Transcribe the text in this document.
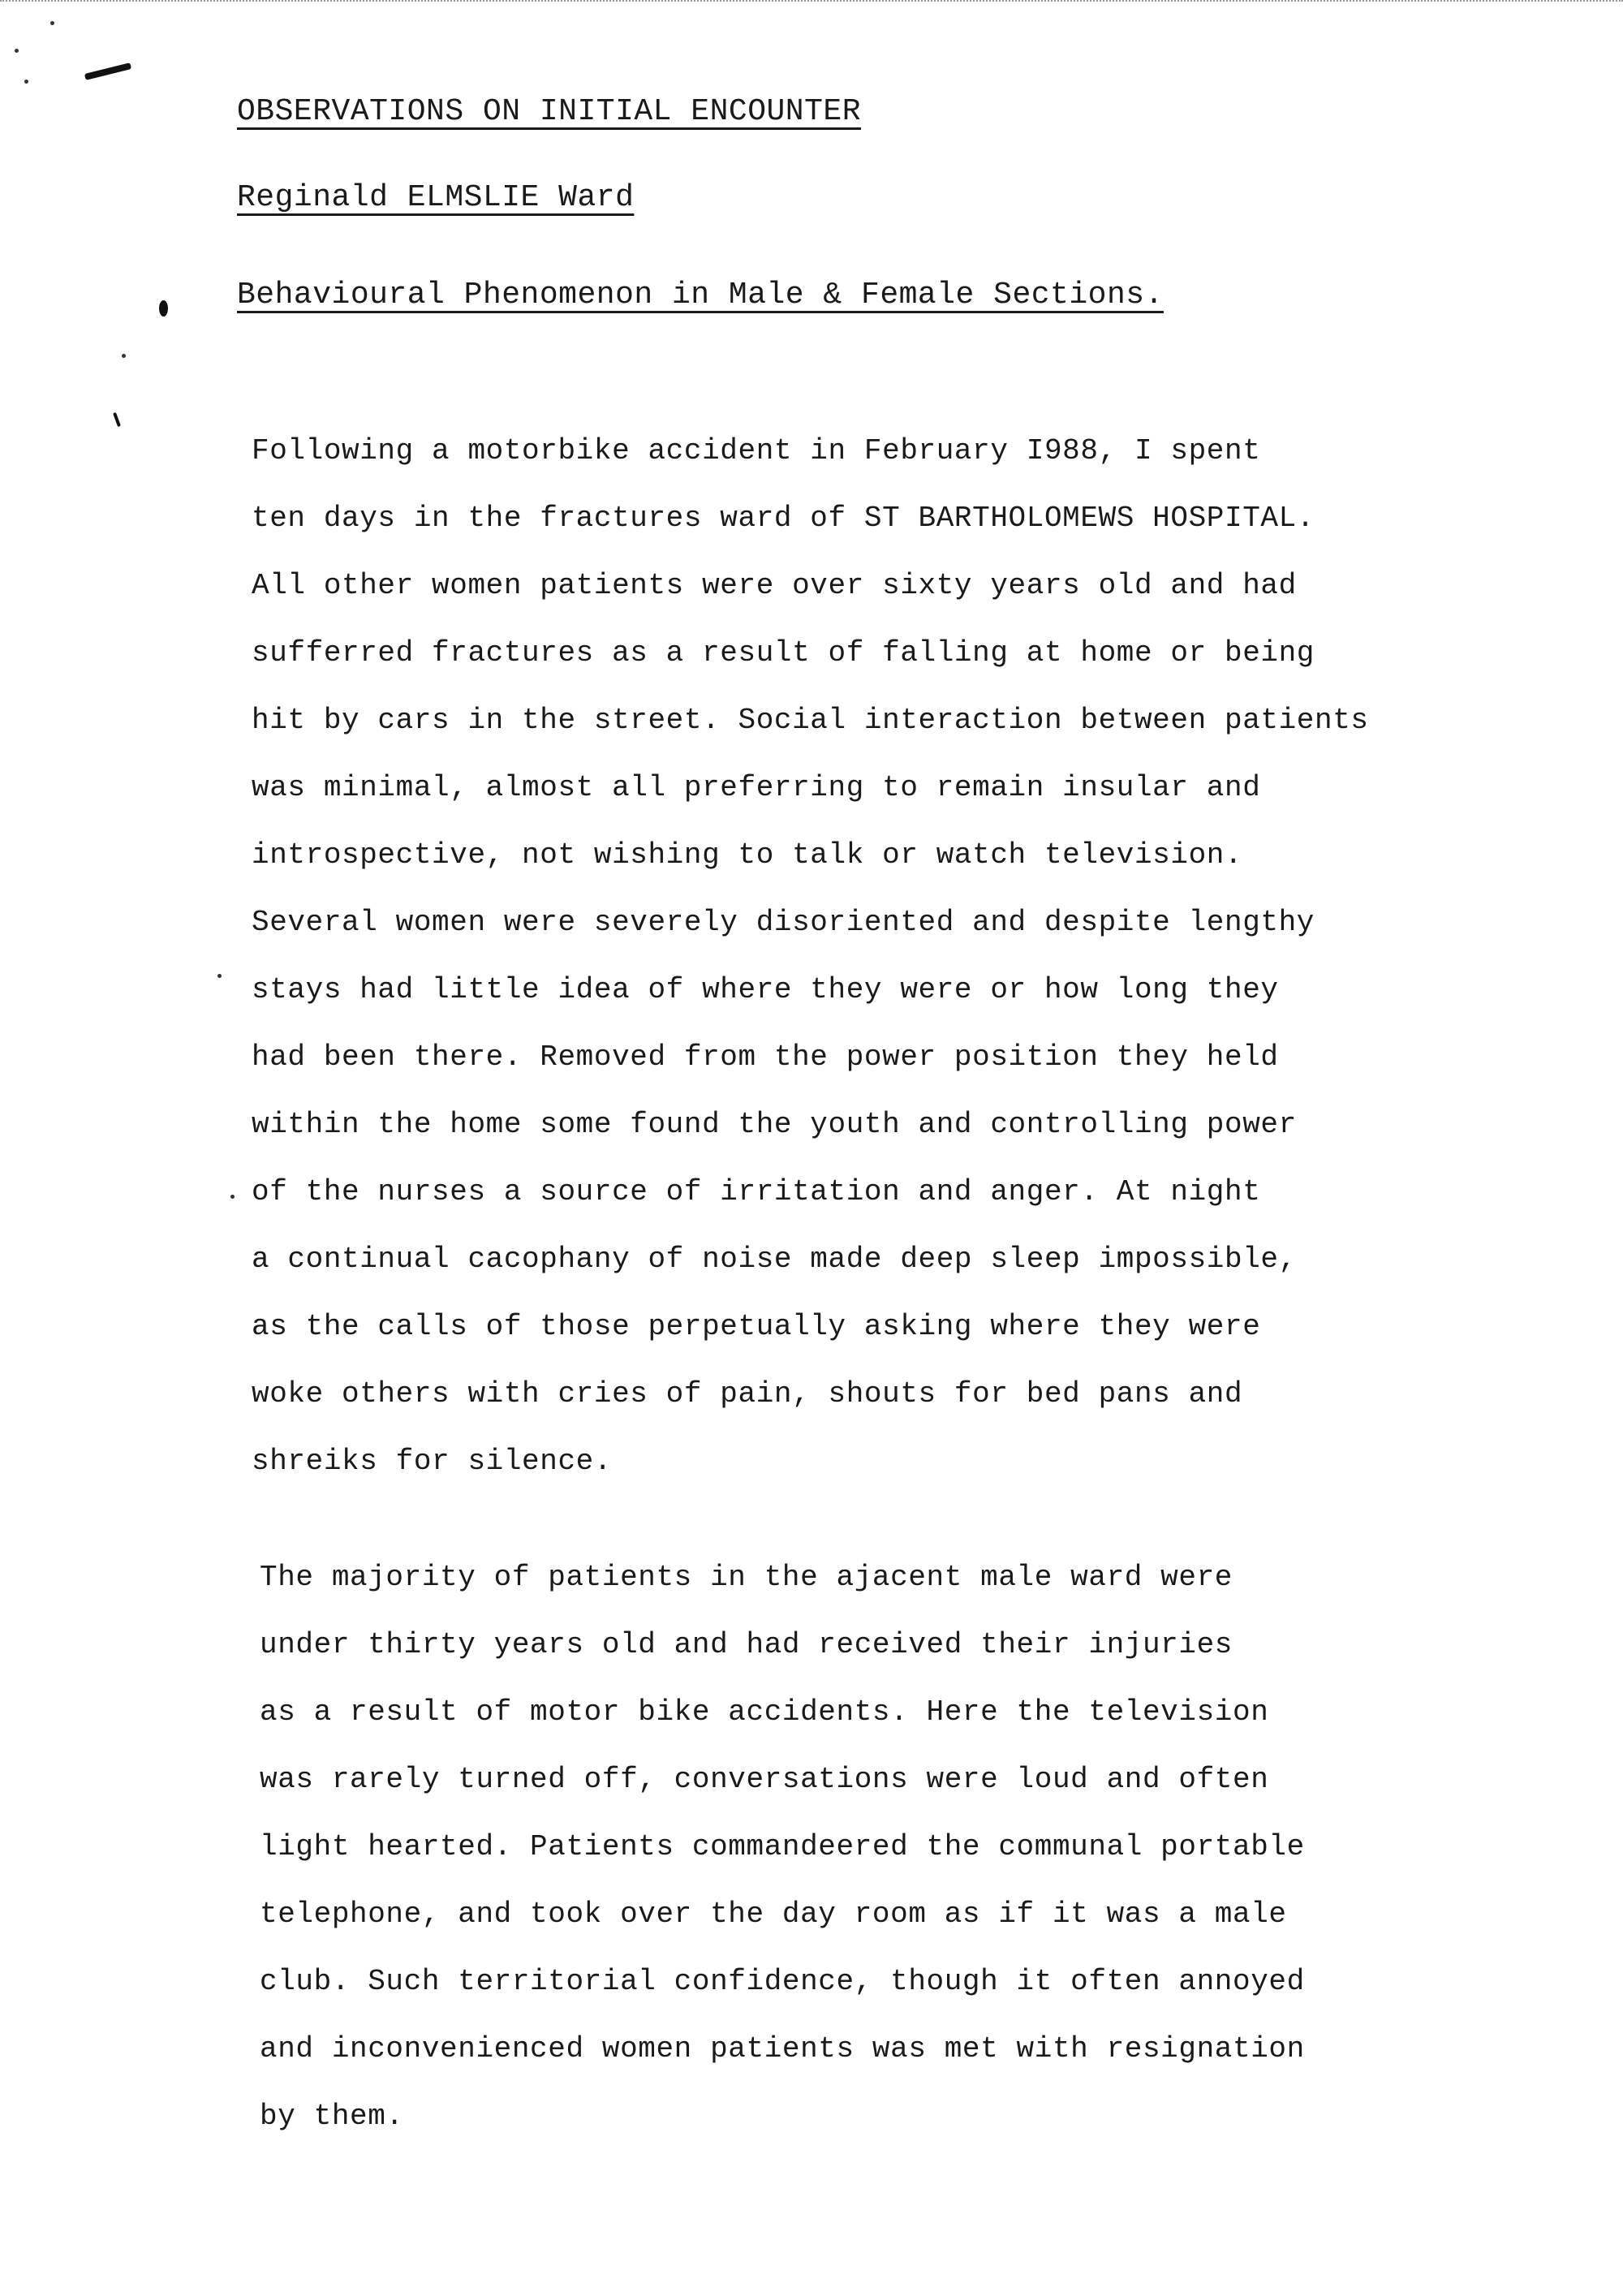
OBSERVATIONS ON INITIAL ENCOUNTER
Reginald ELMSLIE Ward
Behavioural Phenomenon in Male & Female Sections.
Following a motorbike accident in February I988, I spent
ten days in the fractures ward of ST BARTHOLOMEWS HOSPITAL.
All other women patients were over sixty years old and had
sufferred fractures as a result of falling at home or being
hit by cars in the street. Social interaction between patients
was minimal, almost all preferring to remain insular and
introspective, not wishing to talk or watch television.
Several women were severely disoriented and despite lengthy
stays had little idea of where they were or how long they
had been there. Removed from the power position they held
within the home some found the youth and controlling power
of the nurses a source of irritation and anger. At night
a continual cacophany of noise made deep sleep impossible,
as the calls of those perpetually asking where they were
woke others with cries of pain, shouts for bed pans and
shreiks for silence.
The majority of patients in the ajacent male ward were
under thirty years old and had received their injuries
as a result of motor bike accidents. Here the television
was rarely turned off, conversations were loud and often
light hearted. Patients commandeered the communal portable
telephone, and took over the day room as if it was a male
club. Such territorial confidence, though it often annoyed
and inconvenienced women patients was met with resignation
by them.
